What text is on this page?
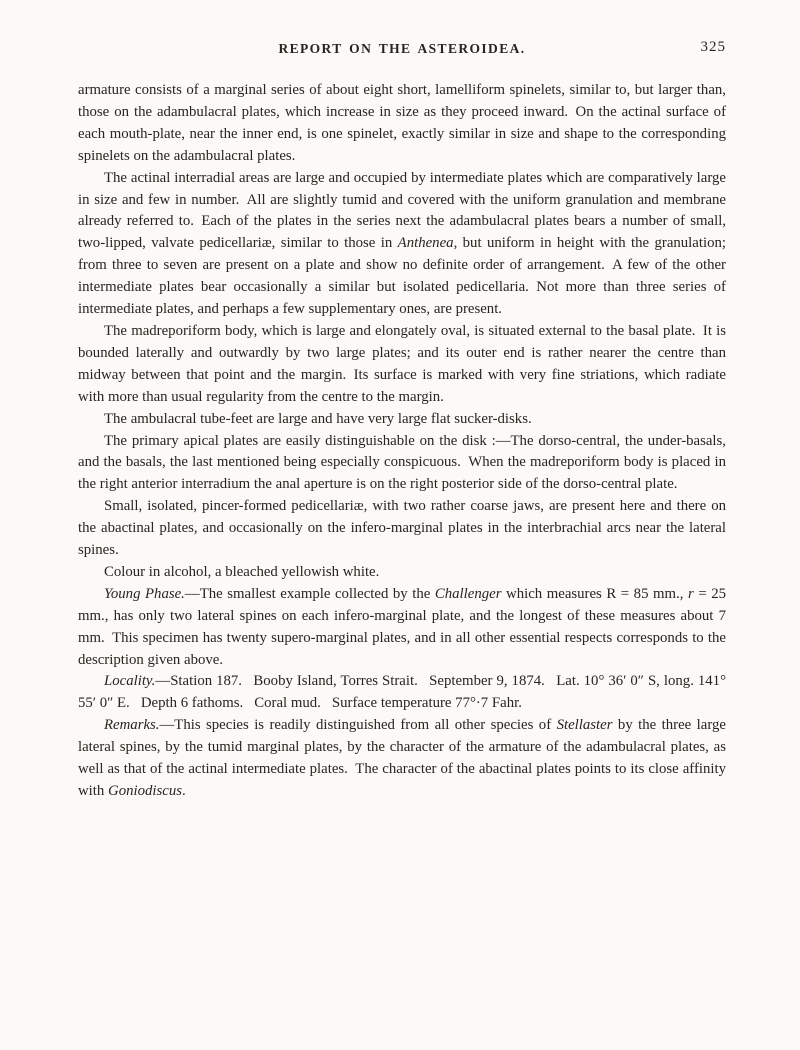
REPORT ON THE ASTEROIDEA.	325

armature consists of a marginal series of about eight short, lamelliform spinelets, similar to, but larger than, those on the adambulacral plates, which increase in size as they proceed inward. On the actinal surface of each mouth-plate, near the inner end, is one spinelet, exactly similar in size and shape to the corresponding spinelets on the adambulacral plates.

The actinal interradial areas are large and occupied by intermediate plates which are comparatively large in size and few in number. All are slightly tumid and covered with the uniform granulation and membrane already referred to. Each of the plates in the series next the adambulacral plates bears a number of small, two-lipped, valvate pedicellariæ, similar to those in Anthenea, but uniform in height with the granulation; from three to seven are present on a plate and show no definite order of arrangement. A few of the other intermediate plates bear occasionally a similar but isolated pedicellaria. Not more than three series of intermediate plates, and perhaps a few supplementary ones, are present.

The madreporiform body, which is large and elongately oval, is situated external to the basal plate. It is bounded laterally and outwardly by two large plates; and its outer end is rather nearer the centre than midway between that point and the margin. Its surface is marked with very fine striations, which radiate with more than usual regularity from the centre to the margin.

The ambulacral tube-feet are large and have very large flat sucker-disks.

The primary apical plates are easily distinguishable on the disk :—The dorso-central, the under-basals, and the basals, the last mentioned being especially conspicuous. When the madreporiform body is placed in the right anterior interradium the anal aperture is on the right posterior side of the dorso-central plate.

Small, isolated, pincer-formed pedicellariæ, with two rather coarse jaws, are present here and there on the abactinal plates, and occasionally on the infero-marginal plates in the interbrachial arcs near the lateral spines.

Colour in alcohol, a bleached yellowish white.

Young Phase.—The smallest example collected by the Challenger which measures R = 85 mm., r = 25 mm., has only two lateral spines on each infero-marginal plate, and the longest of these measures about 7 mm. This specimen has twenty supero-marginal plates, and in all other essential respects corresponds to the description given above.

Locality.—Station 187.  Booby Island, Torres Strait.  September 9, 1874.  Lat. 10° 36′ 0″ S, long. 141° 55′ 0″ E.  Depth 6 fathoms.  Coral mud.  Surface temperature 77°·7 Fahr.

Remarks.—This species is readily distinguished from all other species of Stellaster by the three large lateral spines, by the tumid marginal plates, by the character of the armature of the adambulacral plates, as well as that of the actinal intermediate plates. The character of the abactinal plates points to its close affinity with Goniodiscus.
